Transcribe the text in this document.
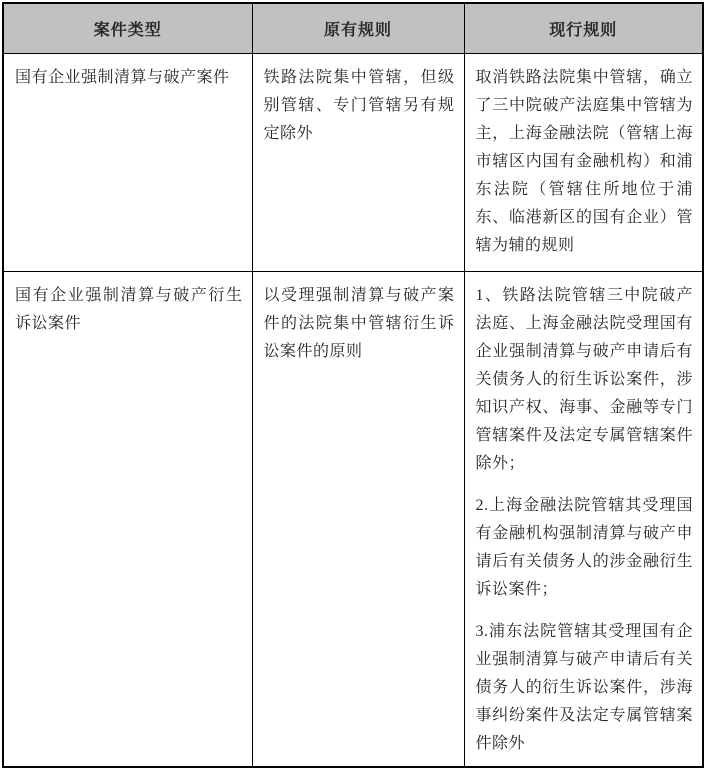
案件类型	原有规则	现行规则

国有企业强制清算与破产案件	铁路法院集中管辖，但级别管辖、专门管辖另有规定除外	取消铁路法院集中管辖，确立了三中院破产法庭集中管辖为主，上海金融法院（管辖上海市辖区内国有金融机构）和浦东法院（管辖住所地位于浦东、临港新区的国有企业）管辖为辅的规则

国有企业强制清算与破产衍生诉讼案件	以受理强制清算与破产案件的法院集中管辖衍生诉讼案件的原则	1、铁路法院管辖三中院破产法庭、上海金融法院受理国有企业强制清算与破产申请后有关债务人的衍生诉讼案件，涉知识产权、海事、金融等专门管辖案件及法定专属管辖案件除外；

2.上海金融法院管辖其受理国有金融机构强制清算与破产申请后有关债务人的涉金融衍生诉讼案件；

3.浦东法院管辖其受理国有企业强制清算与破产申请后有关债务人的衍生诉讼案件，涉海事纠纷案件及法定专属管辖案件除外
